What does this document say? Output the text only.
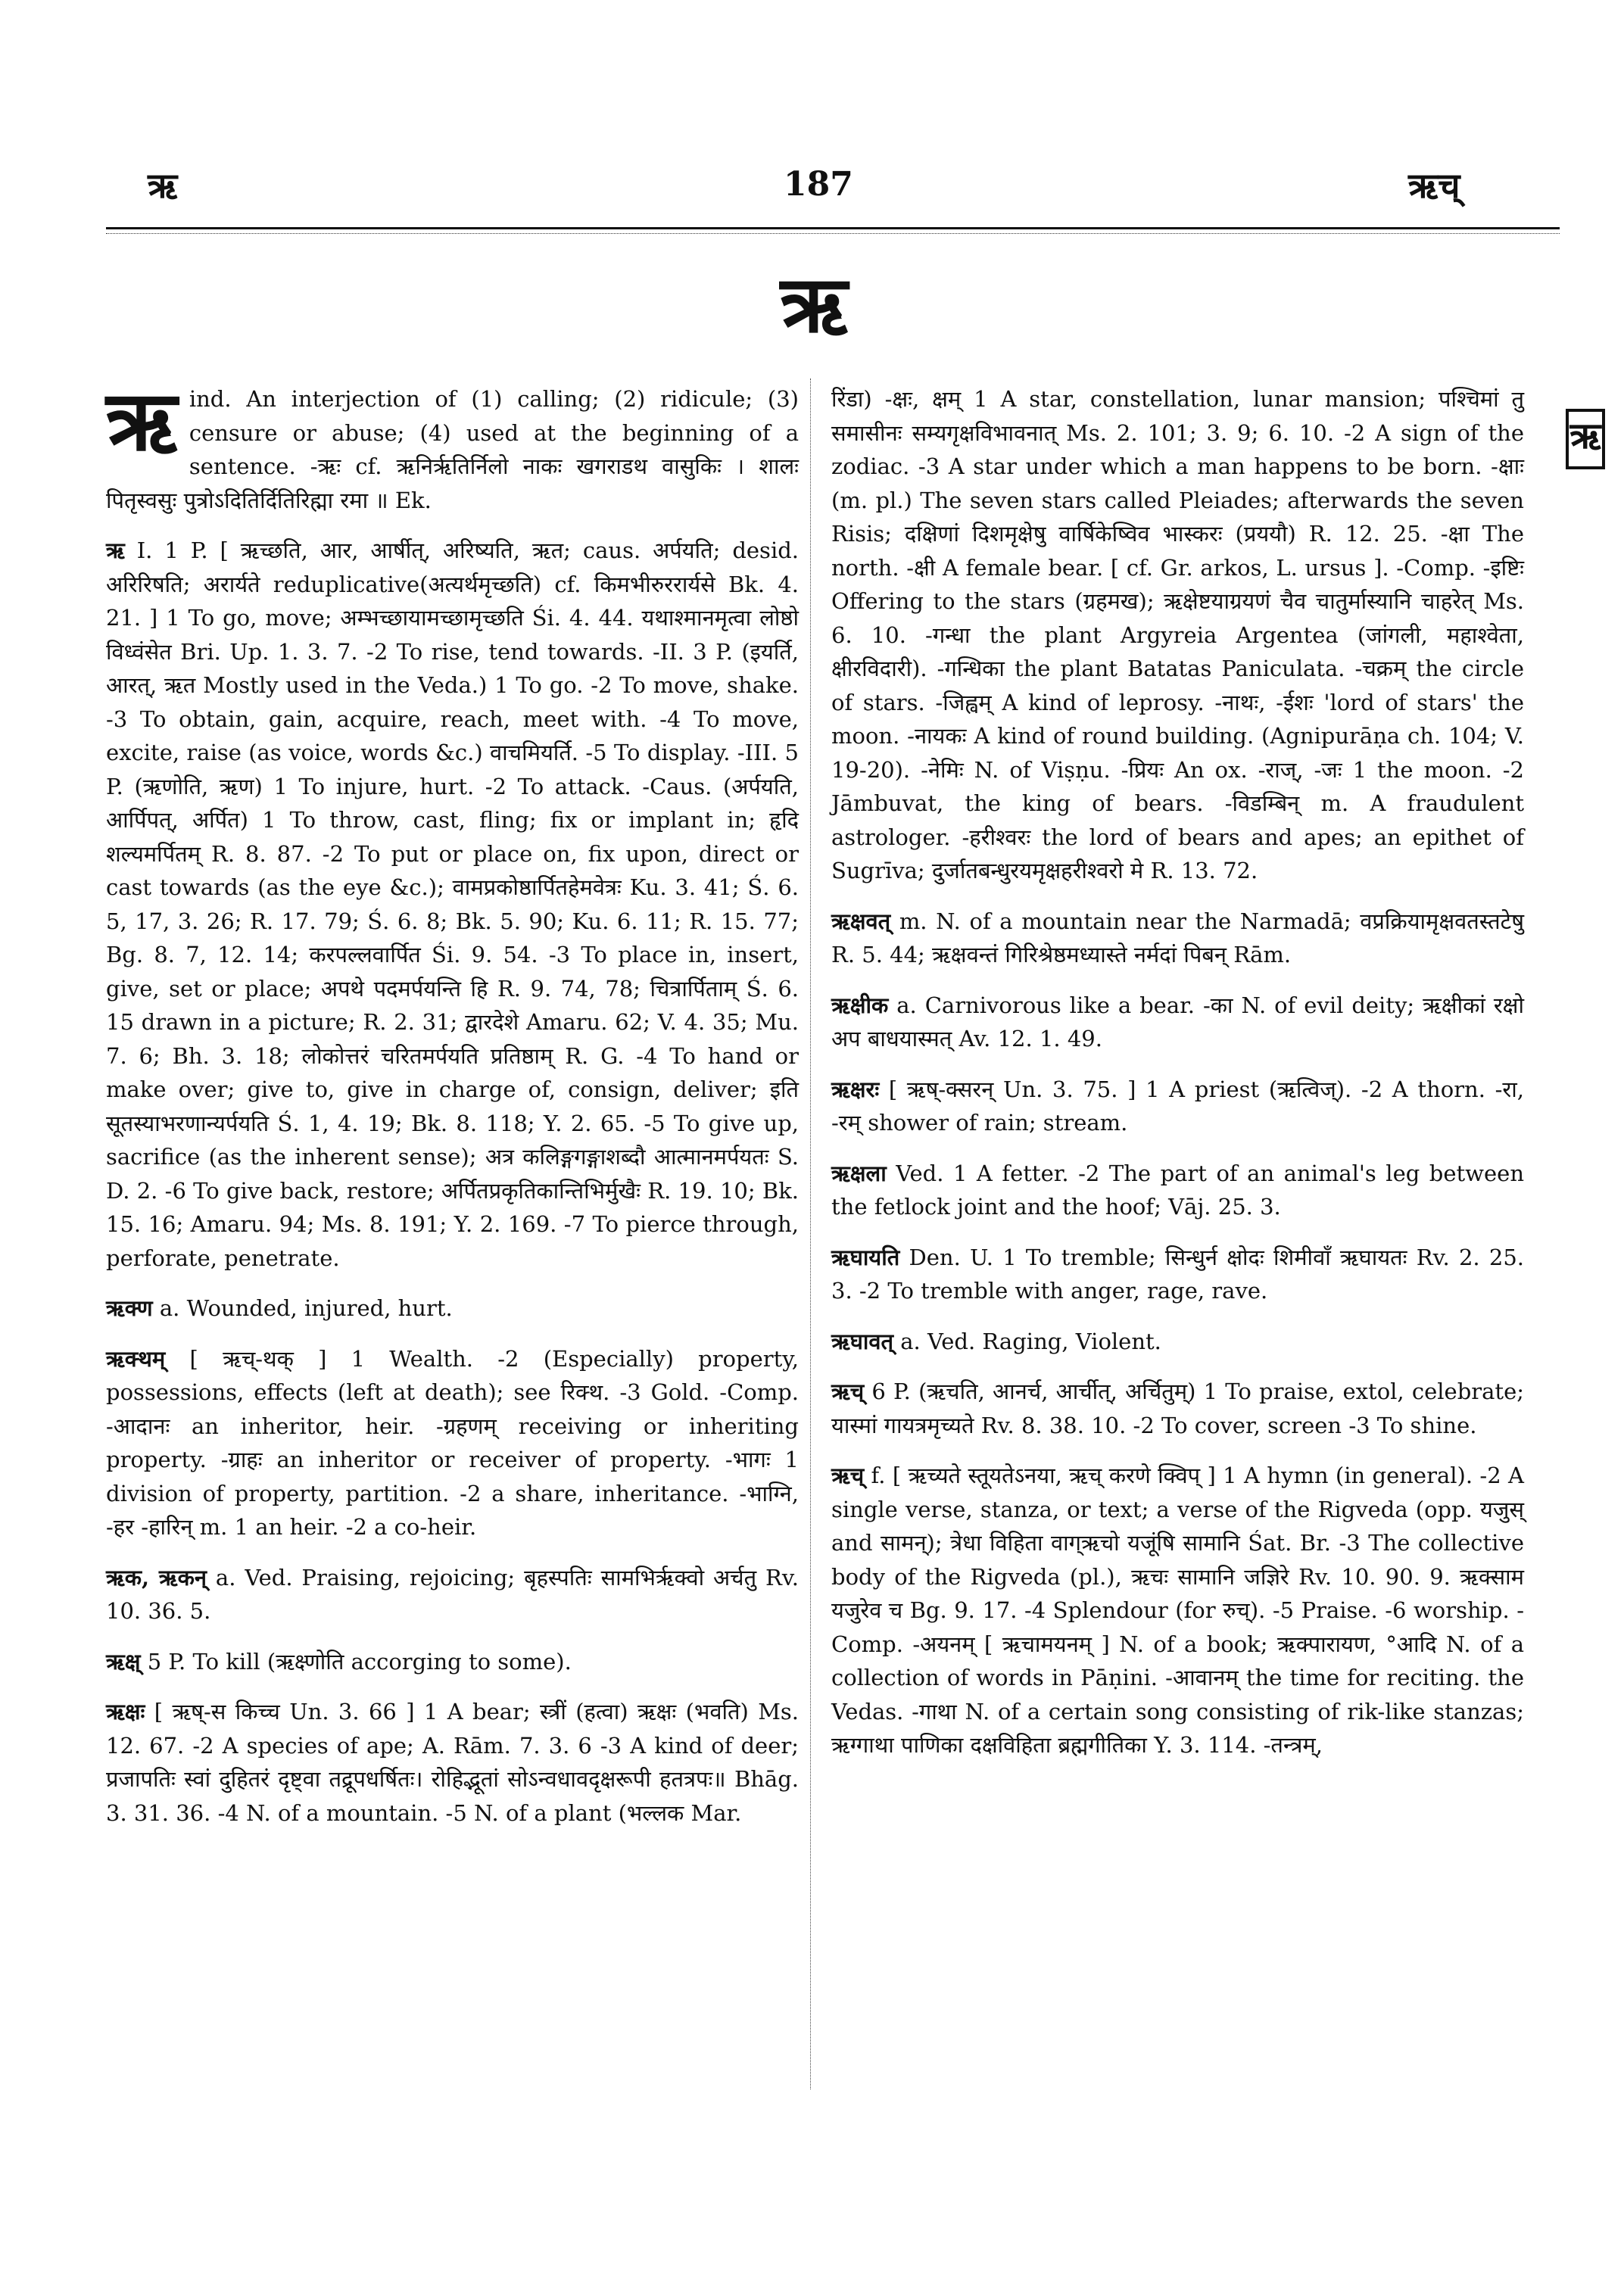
ऋ	187	ऋच्
ऋ
ऋ
ऋ ind. An interjection of (1) calling; (2) ridicule; (3) censure or abuse; (4) used at the beginning of a sentence. -ऋः cf. ऋनिर्ऋतिर्निलो नाकः खगराडथ वासुकिः । शालः पितृस्वसुः पुत्रोऽदितिर्दितिरिह्मा रमा ॥ Ek.
ऋ I. 1 P. [ ऋच्छति, आर, आर्षीत्, अरिष्यति, ऋत; caus. अर्पयति; desid. अरिरिषति; अरार्यते reduplicative(अत्यर्थमृच्छति) cf. किमभीरुररार्यसे Bk. 4. 21. ] 1 To go, move; अम्भच्छायामच्छामृच्छति Śi. 4. 44. यथाश्मानमृत्वा लोष्ठो विध्वंसेत Bri. Up. 1. 3. 7. -2 To rise, tend towards. -II. 3 P. (इयर्ति, आरत्, ऋत Mostly used in the Veda.) 1 To go. -2 To move, shake. -3 To obtain, gain, acquire, reach, meet with. -4 To move, excite, raise (as voice, words &c.) वाचमियर्ति. -5 To display. -III. 5 P. (ऋणोति, ऋण) 1 To injure, hurt. -2 To attack. -Caus. (अर्पयति, आर्पिपत्, अर्पित) 1 To throw, cast, fling; fix or implant in; हृदि शल्यमर्पितम् R. 8. 87. -2 To put or place on, fix upon, direct or cast towards (as the eye &c.); वामप्रकोष्ठार्पितहेमवेत्रः Ku. 3. 41; Ś. 6. 5, 17, 3. 26; R. 17. 79; Ś. 6. 8; Bk. 5. 90; Ku. 6. 11; R. 15. 77; Bg. 8. 7, 12. 14; करपल्लवार्पित Śi. 9. 54. -3 To place in, insert, give, set or place; अपथे पदमर्पयन्ति हि R. 9. 74, 78; चित्रार्पिताम् Ś. 6. 15 drawn in a picture; R. 2. 31; द्वारदेशे Amaru. 62; V. 4. 35; Mu. 7. 6; Bh. 3. 18; लोकोत्तरं चरितमर्पयति प्रतिष्ठाम् R. G. -4 To hand or make over; give to, give in charge of, consign, deliver; इति सूतस्याभरणान्यर्पयति Ś. 1, 4. 19; Bk. 8. 118; Y. 2. 65. -5 To give up, sacrifice (as the inherent sense); अत्र कलिङ्गगङ्गाशब्दौ आत्मानमर्पयतः S. D. 2. -6 To give back, restore; अर्पितप्रकृतिकान्तिभिर्मुखैः R. 19. 10; Bk. 15. 16; Amaru. 94; Ms. 8. 191; Y. 2. 169. -7 To pierce through, perforate, penetrate.
ऋक्ण a. Wounded, injured, hurt.
ऋक्थम् [ ऋच्-थक् ] 1 Wealth. -2 (Especially) property, possessions, effects (left at death); see रिक्थ. -3 Gold. -Comp. -आदानः an inheritor, heir. -ग्रहणम् receiving or inheriting property. -ग्राहः an inheritor or receiver of property. -भागः 1 division of property, partition. -2 a share, inheritance. -भाग्नि, -हर -हारिन् m. 1 an heir. -2 a co-heir.
ऋक, ऋकन् a. Ved. Praising, rejoicing; बृहस्पतिः सामभिर्ऋक्वो अर्चतु Rv. 10. 36. 5.
ऋक्ष् 5 P. To kill (ऋक्ष्णोति accorging to some).
ऋक्षः [ ऋष्-स किच्च Un. 3. 66 ] 1 A bear; स्त्रीं (हत्वा) ऋक्षः (भवति) Ms. 12. 67. -2 A species of ape; A. Rām. 7. 3. 6 -3 A kind of deer; प्रजापतिः स्वां दुहितरं दृष्ट्वा तद्रूपधर्षितः। रोहिद्भूतां सोऽन्वधावदृक्षरूपी हतत्रपः॥ Bhāg. 3. 31. 36. -4 N. of a mountain. -5 N. of a plant (भल्लक Mar.
रिंडा) -क्षः, क्षम् 1 A star, constellation, lunar mansion; पश्चिमां तु समासीनः सम्यगृक्षविभावनात् Ms. 2. 101; 3. 9; 6. 10. -2 A sign of the zodiac. -3 A star under which a man happens to be born. -क्षाः (m. pl.) The seven stars called Pleiades; afterwards the seven Risis; दक्षिणां दिशमृक्षेषु वार्षिकेष्विव भास्करः (प्रययौ) R. 12. 25. -क्षा The north. -क्षी A female bear. [ cf. Gr. arkos, L. ursus ]. -Comp. -इष्टिः Offering to the stars (ग्रहमख); ऋक्षेष्टयाग्रयणं चैव चातुर्मास्यानि चाहरेत् Ms. 6. 10. -गन्धा the plant Argyreia Argentea (जांगली, महाश्वेता, क्षीरविदारी). -गन्धिका the plant Batatas Paniculata. -चक्रम् the circle of stars. -जिह्वम् A kind of leprosy. -नाथः, -ईशः 'lord of stars' the moon. -नायकः A kind of round building. (Agnipurāṇa ch. 104; V. 19-20). -नेमिः N. of Viṣṇu. -प्रियः An ox. -राज्, -जः 1 the moon. -2 Jāmbuvat, the king of bears. -विडम्बिन् m. A fraudulent astrologer. -हरीश्वरः the lord of bears and apes; an epithet of Sugrīva; दुर्जातबन्धुरयमृक्षहरीश्वरो मे R. 13. 72.
ऋक्षवत् m. N. of a mountain near the Narmadā; वप्रक्रियामृक्षवतस्तटेषु R. 5. 44; ऋक्षवन्तं गिरिश्रेष्ठमध्यास्ते नर्मदां पिबन् Rām.
ऋक्षीक a. Carnivorous like a bear. -का N. of evil deity; ऋक्षीकां रक्षो अप बाधयास्मत् Av. 12. 1. 49.
ऋक्षरः [ ऋष्-क्सरन् Un. 3. 75. ] 1 A priest (ऋत्विज्). -2 A thorn. -रा, -रम् shower of rain; stream.
ऋक्षला Ved. 1 A fetter. -2 The part of an animal's leg between the fetlock joint and the hoof; Vāj. 25. 3.
ऋघायति Den. U. 1 To tremble; सिन्धुर्न क्षोदः शिमीवाँ ऋघायतः Rv. 2. 25. 3. -2 To tremble with anger, rage, rave.
ऋघावत् a. Ved. Raging, Violent.
ऋच् 6 P. (ऋचति, आनर्च, आर्चीत्, अर्चितुम्) 1 To praise, extol, celebrate; यास्मां गायत्रमृच्यते Rv. 8. 38. 10. -2 To cover, screen -3 To shine.
ऋच् f. [ ऋच्यते स्तूयतेऽनया, ऋच् करणे क्विप् ] 1 A hymn (in general). -2 A single verse, stanza, or text; a verse of the Rigveda (opp. यजुस् and सामन्); त्रेधा विहिता वाग्ऋचो यजूंषि सामानि Śat. Br. -3 The collective body of the Rigveda (pl.), ऋचः सामानि जज्ञिरे Rv. 10. 90. 9. ऋक्साम यजुरेव च Bg. 9. 17. -4 Splendour (for रुच्). -5 Praise. -6 worship. -Comp. -अयनम् [ ऋचामयनम् ] N. of a book; ऋक्पारायण, °आदि N. of a collection of words in Pāṇini. -आवानम् the time for reciting. the Vedas. -गाथा N. of a certain song consisting of rik-like stanzas; ऋग्गाथा पाणिका दक्षविहिता ब्रह्मगीतिका Y. 3. 114. -तन्त्रम्,
